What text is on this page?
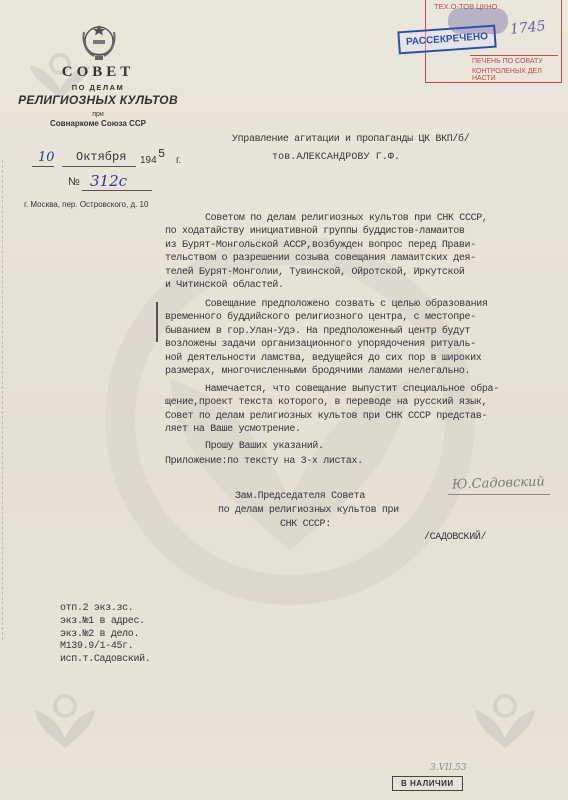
СОВЕТ
ПО ДЕЛАМ
РЕЛИГИОЗНЫХ КУЛЬТОВ
при
Совнаркоме Союза ССР
10 Октября 194 5 г.
№ 312с
г. Москва, пер. Островского, д. 10
ТЕХ.О-ТОВ ЦКНО
ПЕЧЕНЬ ПО СОВАТУ
КОНТРОЛЕНЫХ ДЕЛ НАСТИ
РАССЕКРЕЧЕНО
1745
Управление агитации и пропаганды ЦК ВКП/б/
тов.АЛЕКСАНДРОВУ Г.Ф.
Советом по делам религиозных культов при СНК СССР,
по ходатайству инициативной группы буддистов-ламаитов
из Бурят-Монгольской АССР,возбужден вопрос перед Прави-
тельством о разрешении созыва совещания ламаитских дея-
телей Бурят-Монголии, Тувинской, Ойротской, Иркутской
и Читинской областей.
Совещание предположено созвать с целью образования
временного буддийского религиозного центра, с местопре-
быванием в гор.Улан-Удэ. На предположенный центр будут
возложены задачи организационного упорядочения ритуаль-
ной деятельности ламства, ведущейся до сих пор в широких
размерах, многочисленными бродячими ламами нелегально.
Намечается, что совещание выпустит специальное обра-
щение,проект текста которого, в переводе на русский язык,
Совет по делам религиозных культов при СНК СССР представ-
ляет на Ваше усмотрение.
Прошу Ваших указаний.
Приложение:по тексту на 3-х листах.
Ю.Садовский
Зам.Председателя Совета
по делам религиозных культов при
СНК СССР:
/САДОВСКИЙ/
отп.2 экз.зс.
экз.№1 в адрес.
экз.№2 в дело.
М139.9/1-45г.
исп.т.Садовский.
3.VII.53
В НАЛИЧИИ
